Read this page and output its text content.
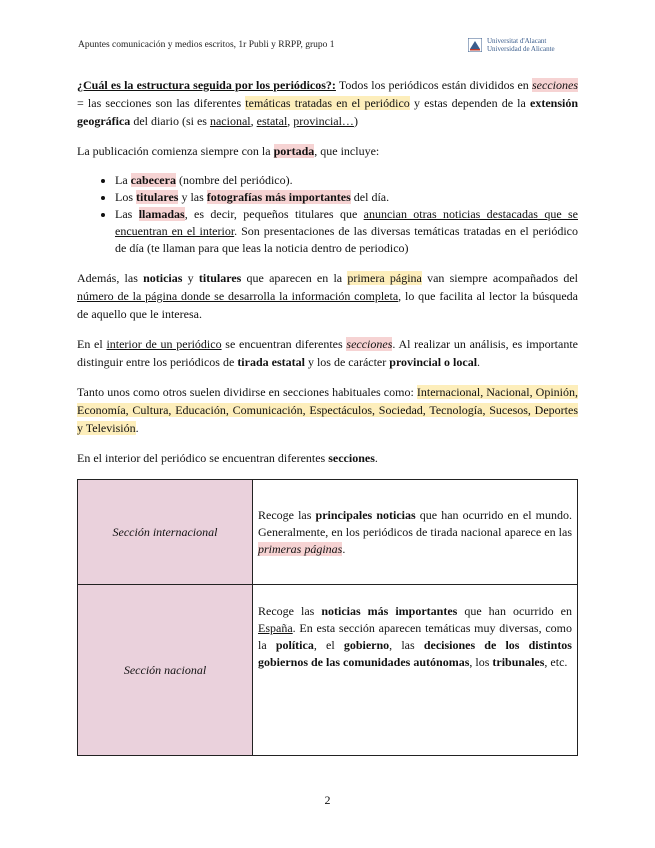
Apuntes comunicación y medios escritos, 1r Publi y RRPP, grupo 1	Universitat d'Alacant
Universidad de Alicante

¿Cuál es la estructura seguida por los periódicos?: Todos los periódicos están divididos en secciones = las secciones son las diferentes temáticas tratadas en el periódico y estas dependen de la extensión geográfica del diario (si es nacional, estatal, provincial…)

La publicación comienza siempre con la portada, que incluye:

• La cabecera (nombre del periódico).
• Los titulares y las fotografías más importantes del día.
• Las llamadas, es decir, pequeños titulares que anuncian otras noticias destacadas que se encuentran en el interior. Son presentaciones de las diversas temáticas tratadas en el periódico de día (te llaman para que leas la noticia dentro de periodico)

Además, las noticias y titulares que aparecen en la primera página van siempre acompañados del número de la página donde se desarrolla la información completa, lo que facilita al lector la búsqueda de aquello que le interesa.

En el interior de un periódico se encuentran diferentes secciones. Al realizar un análisis, es importante distinguir entre los periódicos de tirada estatal y los de carácter provincial o local.

Tanto unos como otros suelen dividirse en secciones habituales como: Internacional, Nacional, Opinión, Economía, Cultura, Educación, Comunicación, Espectáculos, Sociedad, Tecnología, Sucesos, Deportes y Televisión.

En el interior del periódico se encuentran diferentes secciones.

Sección internacional	Recoge las principales noticias que han ocurrido en el mundo. Generalmente, en los periódicos de tirada nacional aparece en las primeras páginas.
Sección nacional	Recoge las noticias más importantes que han ocurrido en España. En esta sección aparecen temáticas muy diversas, como la política, el gobierno, las decisiones de los distintos gobiernos de las comunidades autónomas, los tribunales, etc.
2
